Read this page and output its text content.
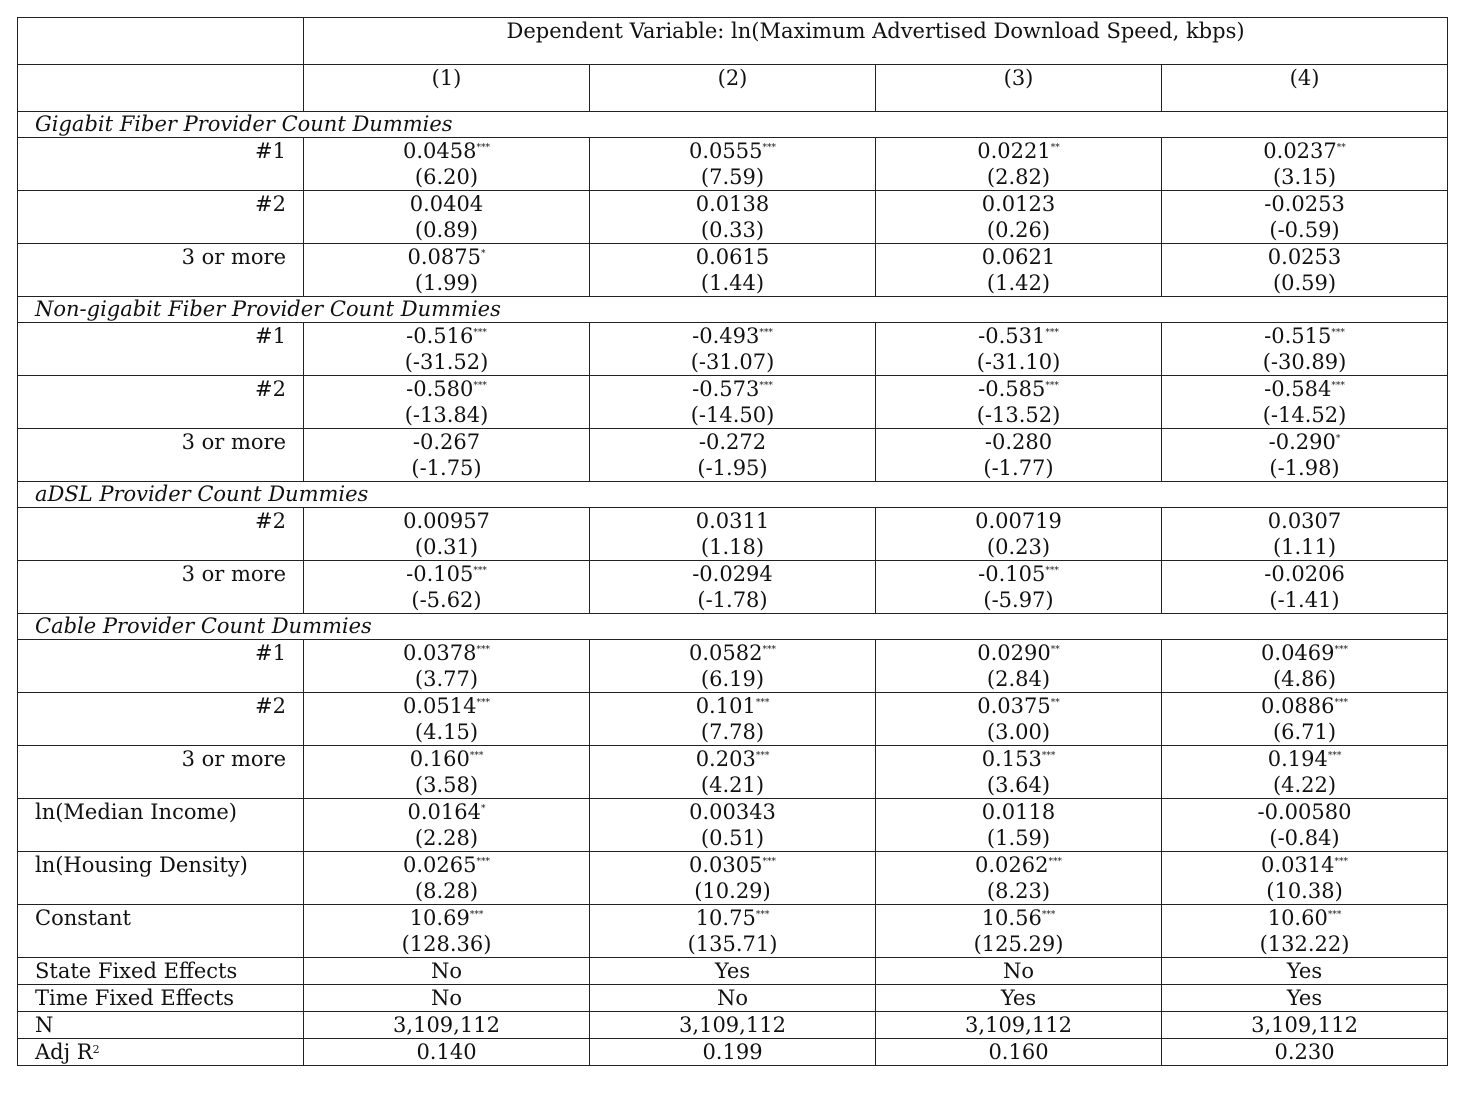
	Dependent Variable: ln(Maximum Advertised Download Speed, kbps)			
	(1)	(2)	(3)	(4)
Gigabit Fiber Provider Count Dummies				
#1	0.0458***	0.0555***	0.0221**	0.0237**
	(6.20)	(7.59)	(2.82)	(3.15)
#2	0.0404	0.0138	0.0123	-0.0253
	(0.89)	(0.33)	(0.26)	(-0.59)
3 or more	0.0875*	0.0615	0.0621	0.0253
	(1.99)	(1.44)	(1.42)	(0.59)
Non-gigabit Fiber Provider Count Dummies				
#1	-0.516***	-0.493***	-0.531***	-0.515***
	(-31.52)	(-31.07)	(-31.10)	(-30.89)
#2	-0.580***	-0.573***	-0.585***	-0.584***
	(-13.84)	(-14.50)	(-13.52)	(-14.52)
3 or more	-0.267	-0.272	-0.280	-0.290*
	(-1.75)	(-1.95)	(-1.77)	(-1.98)
aDSL Provider Count Dummies				
#2	0.00957	0.0311	0.00719	0.0307
	(0.31)	(1.18)	(0.23)	(1.11)
3 or more	-0.105***	-0.0294	-0.105***	-0.0206
	(-5.62)	(-1.78)	(-5.97)	(-1.41)
Cable Provider Count Dummies				
#1	0.0378***	0.0582***	0.0290**	0.0469***
	(3.77)	(6.19)	(2.84)	(4.86)
#2	0.0514***	0.101***	0.0375**	0.0886***
	(4.15)	(7.78)	(3.00)	(6.71)
3 or more	0.160***	0.203***	0.153***	0.194***
	(3.58)	(4.21)	(3.64)	(4.22)
ln(Median Income)	0.0164*	0.00343	0.0118	-0.00580
	(2.28)	(0.51)	(1.59)	(-0.84)
ln(Housing Density)	0.0265***	0.0305***	0.0262***	0.0314***
	(8.28)	(10.29)	(8.23)	(10.38)
Constant	10.69***	10.75***	10.56***	10.60***
	(128.36)	(135.71)	(125.29)	(132.22)
State Fixed Effects	No	Yes	No	Yes
Time Fixed Effects	No	No	Yes	Yes
N	3,109,112	3,109,112	3,109,112	3,109,112
Adj $R^2$	0.140	0.199	0.160	0.230
